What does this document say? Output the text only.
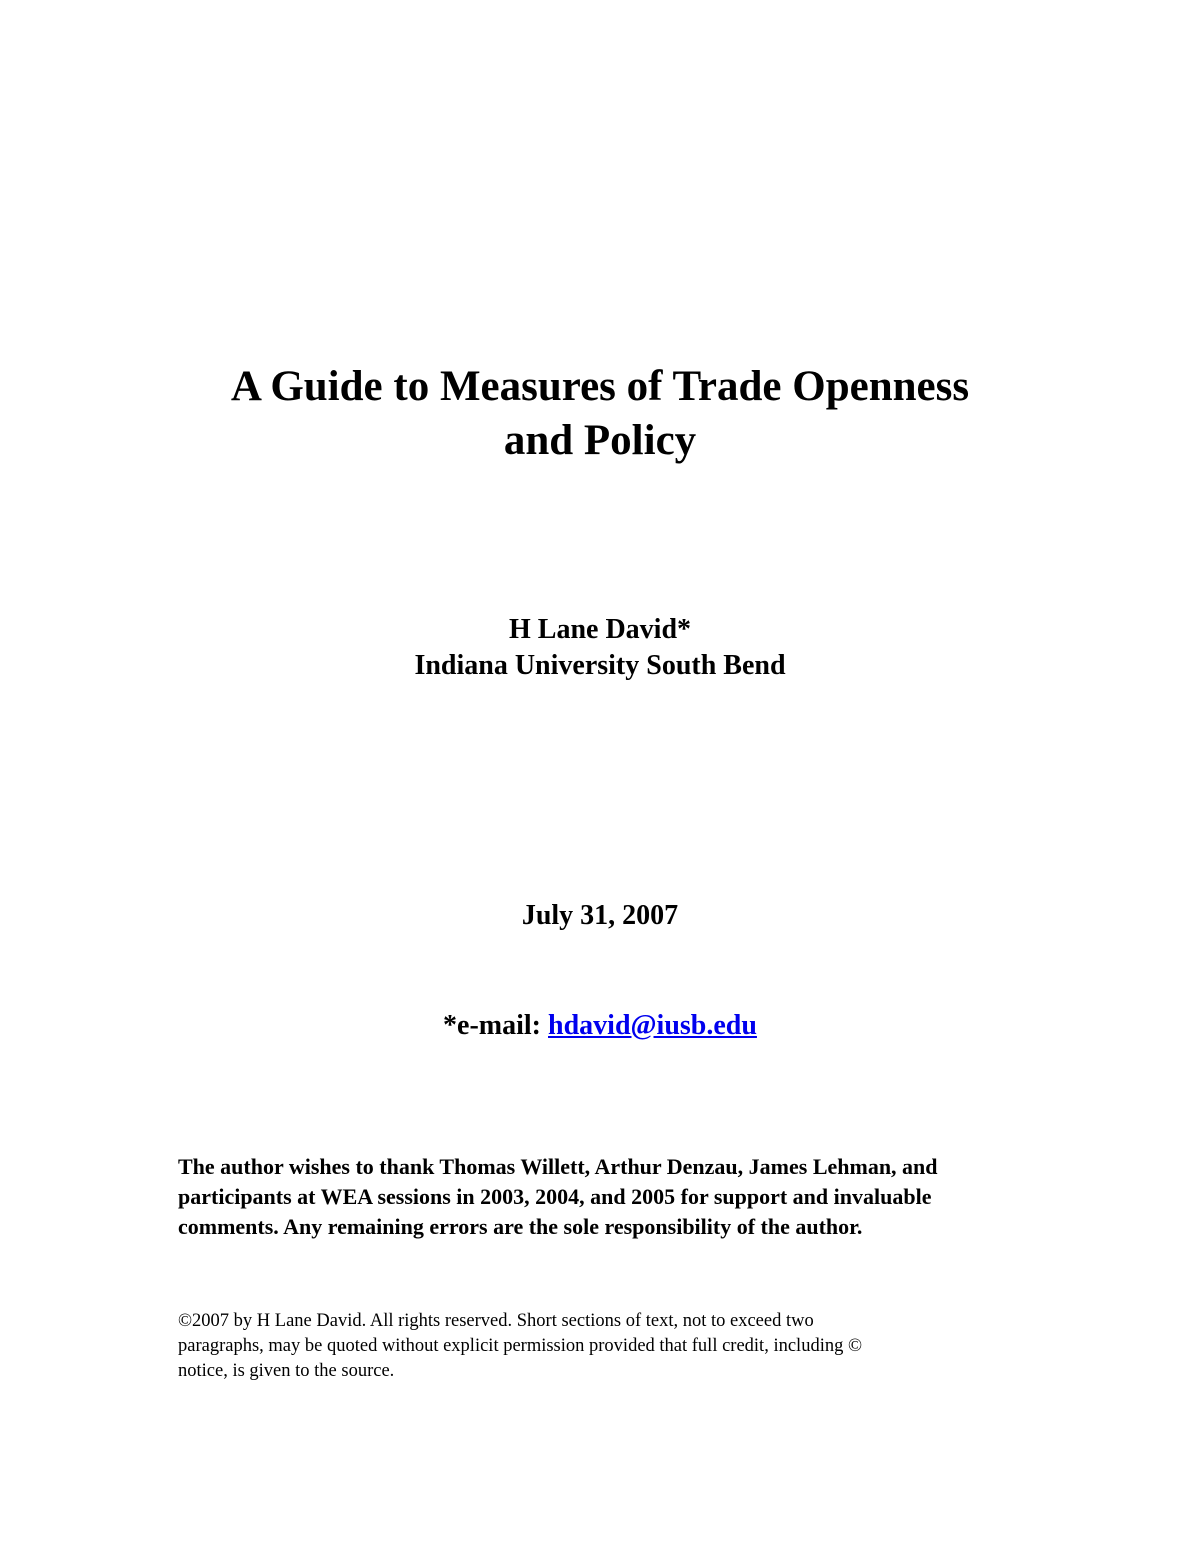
A Guide to Measures of Trade Openness
and Policy
H Lane David*
Indiana University South Bend
July 31, 2007
*e-mail: hdavid@iusb.edu
The author wishes to thank Thomas Willett, Arthur Denzau, James Lehman, and
participants at WEA sessions in 2003, 2004, and 2005 for support and invaluable
comments. Any remaining errors are the sole responsibility of the author.
©2007 by H Lane David. All rights reserved. Short sections of text, not to exceed two
paragraphs, may be quoted without explicit permission provided that full credit, including ©
notice, is given to the source.
